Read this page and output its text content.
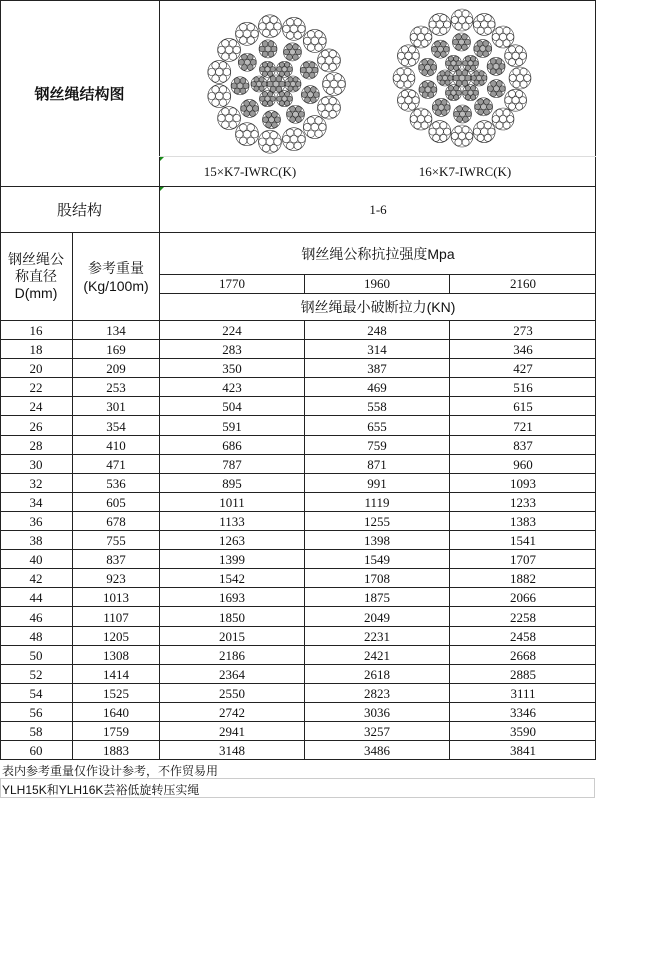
钢丝绳结构图
15×K7-IWRC(K)	16×K7-IWRC(K)
股结构	1-6
钢丝绳公称直径D(mm)
参考重量(Kg/100m)
钢丝绳公称抗拉强度Mpa
1770	1960	2160
钢丝绳最小破断拉力(KN)
16	134	224	248	273
18	169	283	314	346
20	209	350	387	427
22	253	423	469	516
24	301	504	558	615
26	354	591	655	721
28	410	686	759	837
30	471	787	871	960
32	536	895	991	1093
34	605	1011	1119	1233
36	678	1133	1255	1383
38	755	1263	1398	1541
40	837	1399	1549	1707
42	923	1542	1708	1882
44	1013	1693	1875	2066
46	1107	1850	2049	2258
48	1205	2015	2231	2458
50	1308	2186	2421	2668
52	1414	2364	2618	2885
54	1525	2550	2823	3111
56	1640	2742	3036	3346
58	1759	2941	3257	3590
60	1883	3148	3486	3841
表内参考重量仅作设计参考，不作贸易用
YLH15K和YLH16K芸裕低旋转压实绳
